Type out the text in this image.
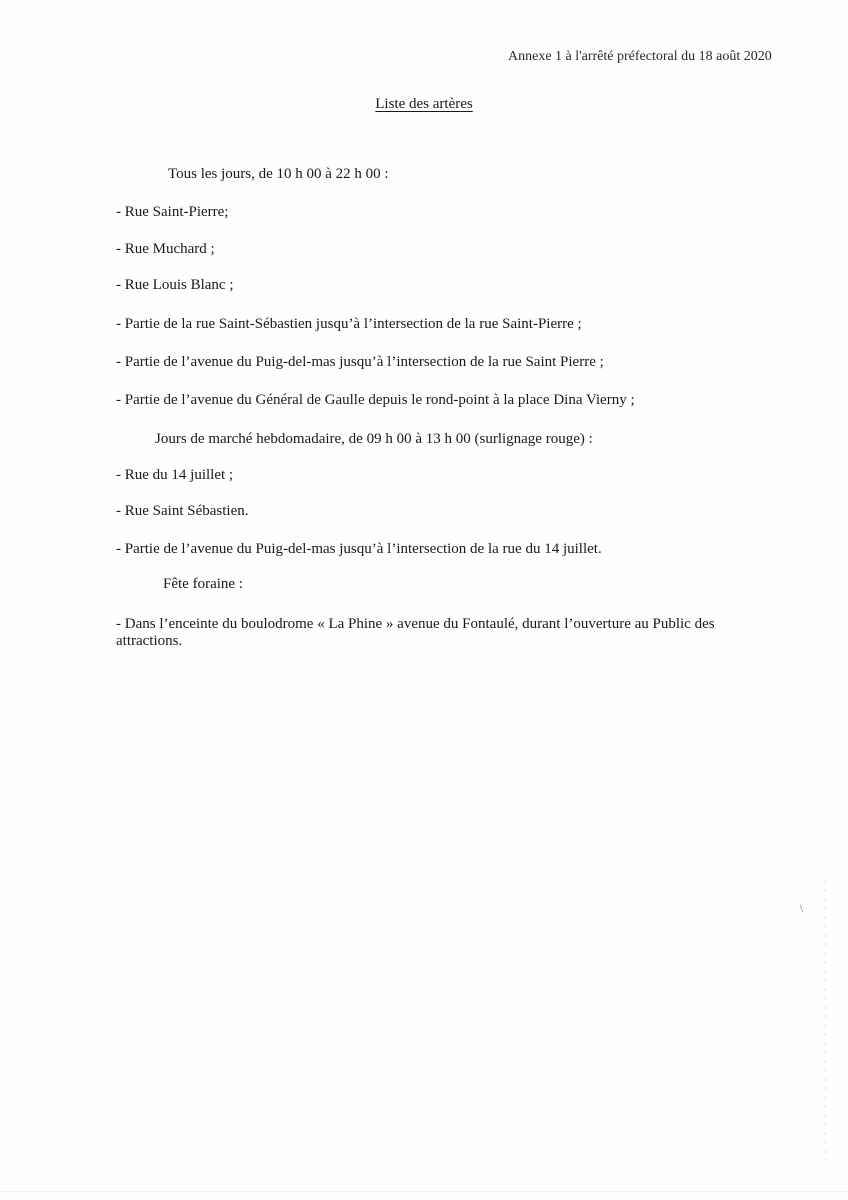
Annexe 1 à l'arrêté préfectoral du 18 août 2020
Liste des artères
Tous les jours, de 10 h 00 à 22 h 00 :
- Rue Saint-Pierre;
- Rue Muchard ;
- Rue Louis Blanc ;
- Partie de la rue Saint-Sébastien jusqu’à l’intersection de la rue Saint-Pierre ;
- Partie de l’avenue du Puig-del-mas jusqu’à l’intersection de la rue Saint Pierre ;
- Partie de l’avenue du Général de Gaulle depuis le rond-point à la place Dina Vierny ;
Jours de marché hebdomadaire, de 09 h 00 à 13 h 00 (surlignage rouge) :
- Rue du 14 juillet ;
- Rue Saint Sébastien.
- Partie de l’avenue du Puig-del-mas jusqu’à l’intersection de la rue du 14 juillet.
Fête foraine :
- Dans l’enceinte du boulodrome « La Phine » avenue du Fontaulé, durant l’ouverture au Public des attractions.
\
